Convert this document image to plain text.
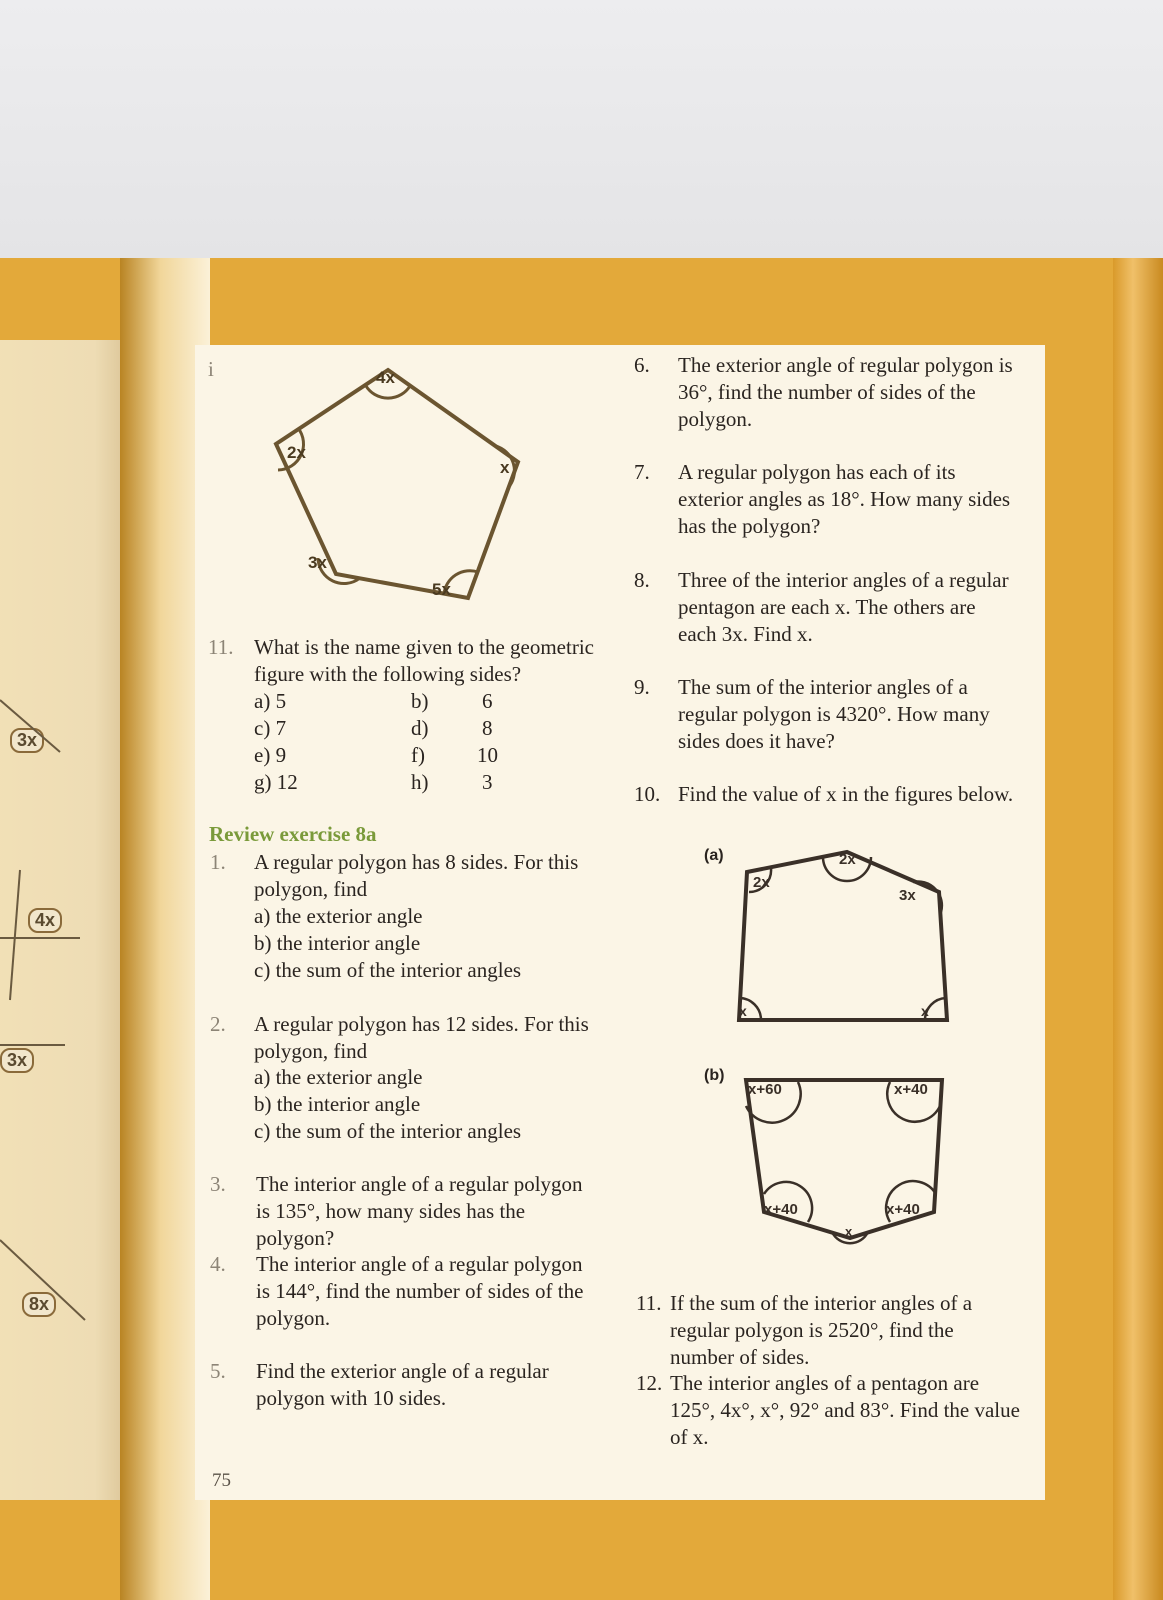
3x
4x
3x
8x
i	4x
x
5x
3x
2x
11. What is the name given to the geometric figure with the following sides?
a) 5	b)	6
c) 7	d)	8
e) 9	f) 10
g) 12	h)	3
Review exercise 8a
1. A regular polygon has 8 sides. For this polygon, find
a) the exterior angle
b) the interior angle
c) the sum of the interior angles
2. A regular polygon has 12 sides. For this polygon, find
a) the exterior angle
b) the interior angle
c) the sum of the interior angles
3. The interior angle of a regular polygon is 135°, how many sides has the polygon?
4. The interior angle of a regular polygon is 144°, find the number of sides of the polygon.
5. Find the exterior angle of a regular polygon with 10 sides.
6. The exterior angle of regular polygon is 36°, find the number of sides of the polygon.
7. A regular polygon has each of its exterior angles as 18°. How many sides has the polygon?
8. Three of the interior angles of a regular pentagon are each x. The others are each 3x. Find x.
9. The sum of the interior angles of a regular polygon is 4320°. How many sides does it have?
10. Find the value of x in the figures below.
(a)	2x
2x
3x
x	x
(b)
x+60	x+40
x+40
x
x+40
11. If the sum of the interior angles of a regular polygon is 2520°, find the number of sides.
12. The interior angles of a pentagon are 125°, 4x°, x°, 92° and 83°. Find the value of x.
75
